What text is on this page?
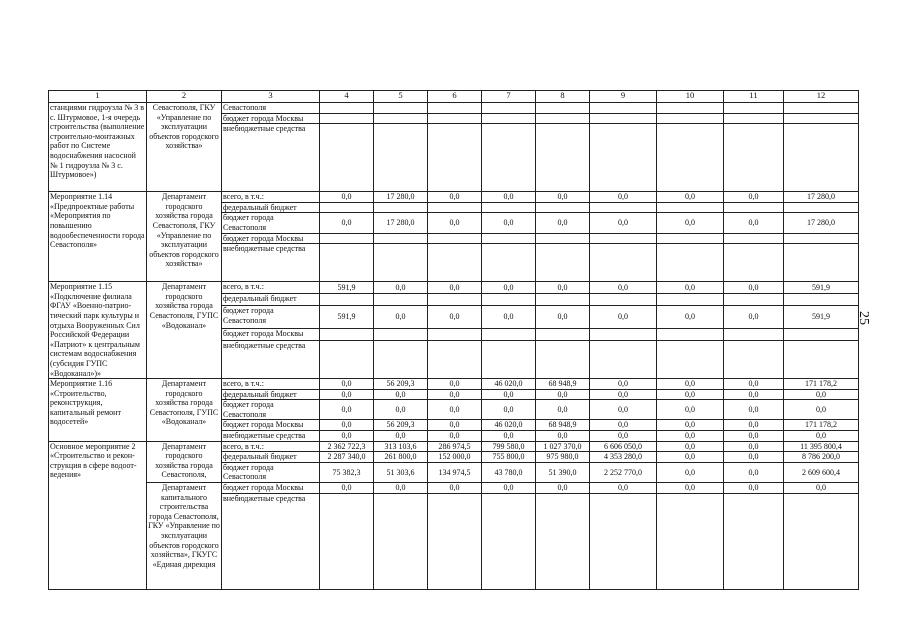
25
1	2	3	4	5	6	7	8	9	10	11	12
станциями гидроузла № 3 в с. Штурмовое, 1-я очередь строительства (выполнение строительно-монтажных работ по Системе водоснабжения насосной № 1 гидроузла № 3 с. Штурмовое»)	Севастополя, ГКУ «Управление по эксплуатации объектов городского хозяйства»	Севастополя									
		бюджет города Москвы									
		внебюджетные средства									
Мероприятие 1.14 «Предпроектные работы «Мероприятия по повышению водообеспеченности города Севастополя»	Департамент городского хозяйства города Севастополя, ГКУ «Управление по эксплуатации объектов городского хозяйства»	всего, в т.ч.:	0,0	17 280,0	0,0	0,0	0,0	0,0	0,0	0,0	17 280,0
		федеральный бюджет									
		бюджет города Севастополя	0,0	17 280,0	0,0	0,0	0,0	0,0	0,0	0,0	17 280,0
		бюджет города Москвы									
		внебюджетные средства									
Мероприятие 1.15 «Подключение филиала ФГАУ «Военно-патрио-тический парк культуры и отдыха Вооруженных Сил Российской Федерации «Патриот» к центральным системам водоснабжения (субсидия ГУПС «Водоканал»)»	Департамент городского хозяйства города Севастополя, ГУПС «Водоканал»	всего, в т.ч.:	591,9	0,0	0,0	0,0	0,0	0,0	0,0	0,0	591,9
		федеральный бюджет									
		бюджет города Севастополя	591,9	0,0	0,0	0,0	0,0	0,0	0,0	0,0	591,9
		бюджет города Москвы									
		внебюджетные средства									
Мероприятие 1.16 «Строительство, реконструкция, капитальный ремонт водосетей»	Департамент городского хозяйства города Севастополя, ГУПС «Водоканал»	всего, в т.ч.:	0,0	56 209,3	0,0	46 020,0	68 948,9	0,0	0,0	0,0	171 178,2
		федеральный бюджет	0,0	0,0	0,0	0,0	0,0	0,0	0,0	0,0	0,0
		бюджет города Севастополя	0,0	0,0	0,0	0,0	0,0	0,0	0,0	0,0	0,0
		бюджет города Москвы	0,0	56 209,3	0,0	46 020,0	68 948,9	0,0	0,0	0,0	171 178,2
		внебюджетные средства	0,0	0,0	0,0	0,0	0,0	0,0	0,0	0,0	0,0
Основное мероприятие 2 «Строительство и рекон-струкция в сфере водоот-ведения»	Департамент городского хозяйства города Севастополя,	всего, в т.ч.:	2 362 722,3	313 103,6	286 974,5	799 580,0	1 027 370,0	6 606 050,0	0,0	0,0	11 395 800,4
		федеральный бюджет	2 287 340,0	261 800,0	152 000,0	755 800,0	975 980,0	4 353 280,0	0,0	0,0	8 786 200,0
		бюджет города Севастополя	75 382,3	51 303,6	134 974,5	43 780,0	51 390,0	2 252 770,0	0,0	0,0	2 609 600,4
	Департамент капитального строительства города Севастополя, ГКУ «Управление по эксплуатации объектов городского хозяйства», ГКУГС «Единая дирекция	бюджет города Москвы	0,0	0,0	0,0	0,0	0,0	0,0	0,0	0,0	0,0
		внебюджетные средства									
